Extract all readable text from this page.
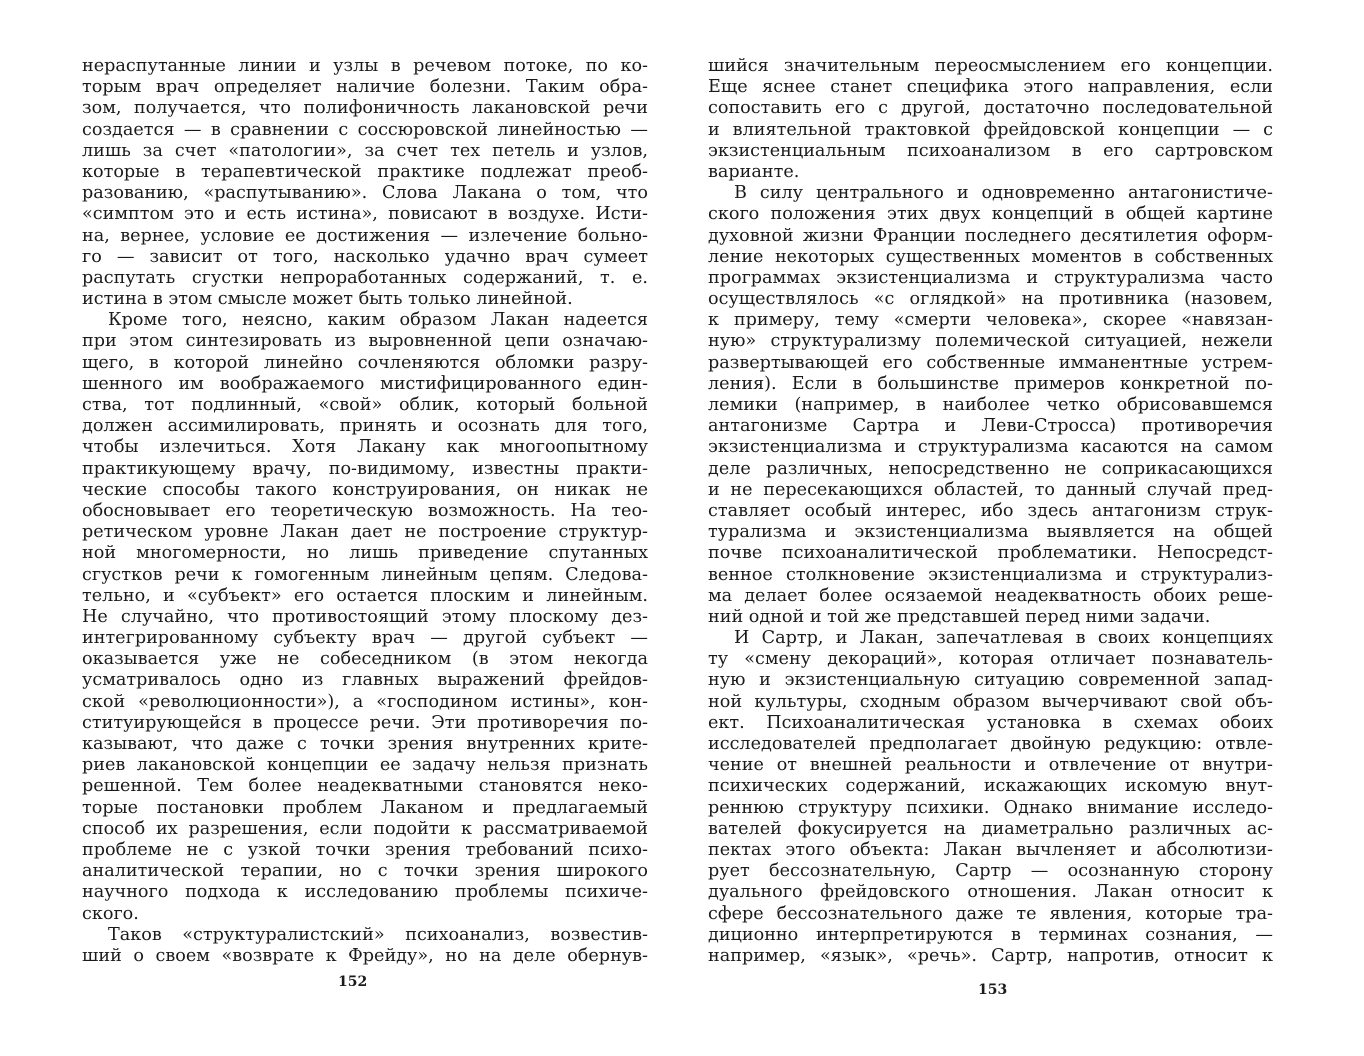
нераспутанные линии и узлы в речевом потоке, по ко-
торым врач определяет наличие болезни. Таким обра-
зом, получается, что полифоничность лакановской речи
создается — в сравнении с соссюровской линейностью —
лишь за счет «патологии», за счет тех петель и узлов,
которые в терапевтической практике подлежат преоб-
разованию, «распутыванию». Слова Лакана о том, что
«симптом это и есть истина», повисают в воздухе. Исти-
на, вернее, условие ее достижения — излечение больно-
го — зависит от того, насколько удачно врач сумеет
распутать сгустки непроработанных содержаний, т. е.
истина в этом смысле может быть только линейной.
Кроме того, неясно, каким образом Лакан надеется
при этом синтезировать из выровненной цепи означаю-
щего, в которой линейно сочленяются обломки разру-
шенного им воображаемого мистифицированного един-
ства, тот подлинный, «свой» облик, который больной
должен ассимилировать, принять и осознать для того,
чтобы излечиться. Хотя Лакану как многоопытному
практикующему врачу, по-видимому, известны практи-
ческие способы такого конструирования, он никак не
обосновывает его теоретическую возможность. На тео-
ретическом уровне Лакан дает не построение структур-
ной многомерности, но лишь приведение спутанных
сгустков речи к гомогенным линейным цепям. Следова-
тельно, и «субъект» его остается плоским и линейным.
Не случайно, что противостоящий этому плоскому дез-
интегрированному субъекту врач — другой субъект —
оказывается уже не собеседником (в этом некогда
усматривалось одно из главных выражений фрейдов-
ской «революционности»), а «господином истины», кон-
ституирующейся в процессе речи. Эти противоречия по-
казывают, что даже с точки зрения внутренних крите-
риев лакановской концепции ее задачу нельзя признать
решенной. Тем более неадекватными становятся неко-
торые постановки проблем Лаканом и предлагаемый
способ их разрешения, если подойти к рассматриваемой
проблеме не с узкой точки зрения требований психо-
аналитической терапии, но с точки зрения широкого
научного подхода к исследованию проблемы психиче-
ского.
Таков «структуралистский» психоанализ, возвестив-
ший о своем «возврате к Фрейду», но на деле обернув-
152
шийся значительным переосмыслением его концепции.
Еще яснее станет специфика этого направления, если
сопоставить его с другой, достаточно последовательной
и влиятельной трактовкой фрейдовской концепции — с
экзистенциальным психоанализом в его сартровском
варианте.
В силу центрального и одновременно антагонистиче-
ского положения этих двух концепций в общей картине
духовной жизни Франции последнего десятилетия оформ-
ление некоторых существенных моментов в собственных
программах экзистенциализма и структурализма часто
осуществлялось «с оглядкой» на противника (назовем,
к примеру, тему «смерти человека», скорее «навязан-
ную» структурализму полемической ситуацией, нежели
развертывающей его собственные имманентные устрем-
ления). Если в большинстве примеров конкретной по-
лемики (например, в наиболее четко обрисовавшемся
антагонизме Сартра и Леви-Стросса) противоречия
экзистенциализма и структурализма касаются на самом
деле различных, непосредственно не соприкасающихся
и не пересекающихся областей, то данный случай пред-
ставляет особый интерес, ибо здесь антагонизм струк-
турализма и экзистенциализма выявляется на общей
почве психоаналитической проблематики. Непосредст-
венное столкновение экзистенциализма и структурализ-
ма делает более осязаемой неадекватность обоих реше-
ний одной и той же представшей перед ними задачи.
И Сартр, и Лакан, запечатлевая в своих концепциях
ту «смену декораций», которая отличает познаватель-
ную и экзистенциальную ситуацию современной запад-
ной культуры, сходным образом вычерчивают свой объ-
ект. Психоаналитическая установка в схемах обоих
исследователей предполагает двойную редукцию: отвле-
чение от внешней реальности и отвлечение от внутри-
психических содержаний, искажающих искомую внут-
реннюю структуру психики. Однако внимание исследо-
вателей фокусируется на диаметрально различных ас-
пектах этого объекта: Лакан вычленяет и абсолютизи-
рует бессознательную, Сартр — осознанную сторону
дуального фрейдовского отношения. Лакан относит к
сфере бессознательного даже те явления, которые тра-
диционно интерпретируются в терминах сознания, —
например, «язык», «речь». Сартр, напротив, относит к
153
